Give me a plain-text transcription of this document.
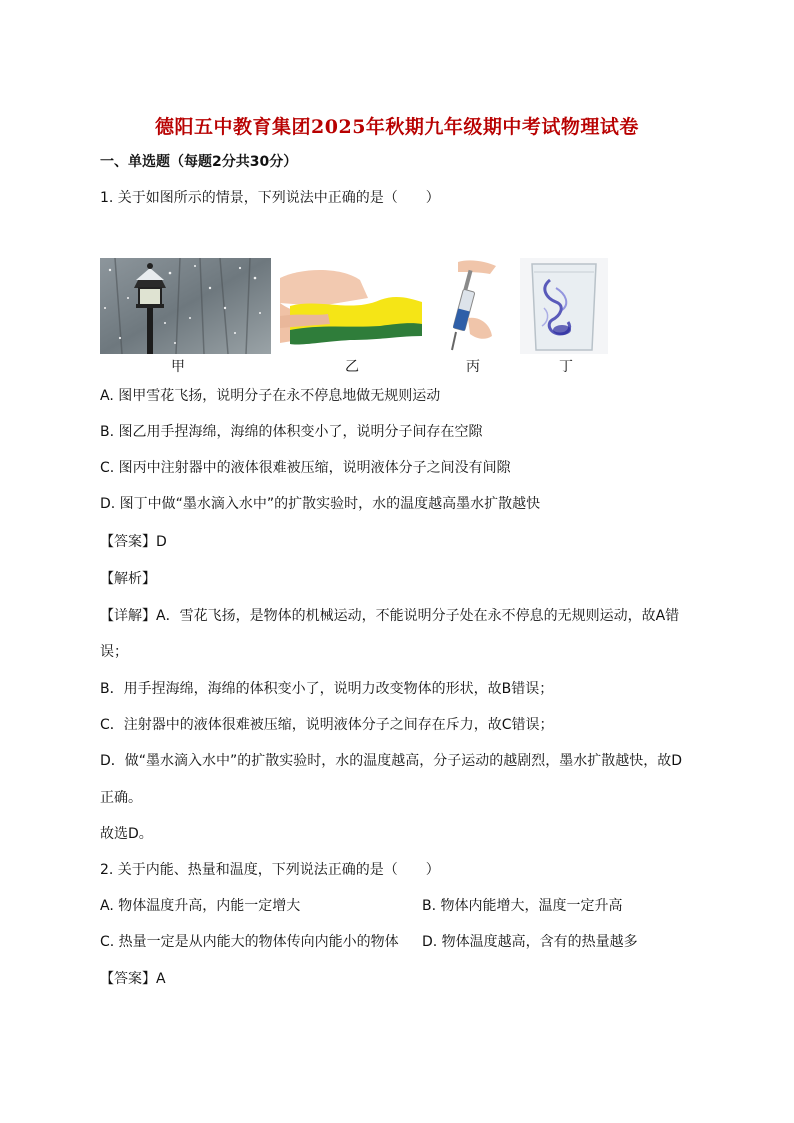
德阳五中教育集团2025年秋期九年级期中考试物理试卷
一、单选题（每题2分共30分）
1. 关于如图所示的情景，下列说法中正确的是（　　）
甲	乙	丙	丁
A. 图甲雪花飞扬，说明分子在永不停息地做无规则运动
B. 图乙用手捏海绵，海绵的体积变小了，说明分子间存在空隙
C. 图丙中注射器中的液体很难被压缩，说明液体分子之间没有间隙
D. 图丁中做“墨水滴入水中”的扩散实验时，水的温度越高墨水扩散越快
【答案】D
【解析】
【详解】A．雪花飞扬，是物体的机械运动，不能说明分子处在永不停息的无规则运动，故A错
误；
B．用手捏海绵，海绵的体积变小了，说明力改变物体的形状，故B错误；
C．注射器中的液体很难被压缩，说明液体分子之间存在斥力，故C错误；
D．做“墨水滴入水中”的扩散实验时，水的温度越高，分子运动的越剧烈，墨水扩散越快，故D
正确。
故选D。
2. 关于内能、热量和温度，下列说法正确的是（　　）
A. 物体温度升高，内能一定增大	B. 物体内能增大，温度一定升高
C. 热量一定是从内能大的物体传向内能小的物体	D. 物体温度越高，含有的热量越多
【答案】A
